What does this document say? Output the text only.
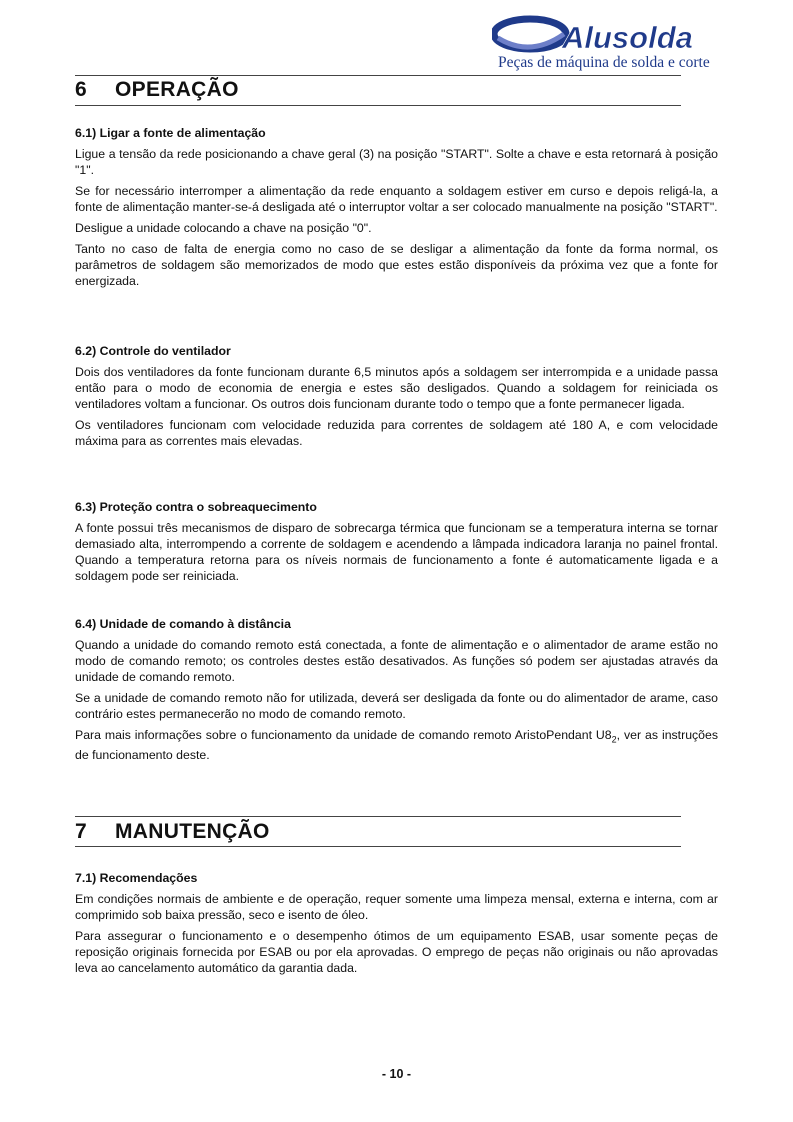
Alusolda
Peças de máquina de solda e corte
6 OPERAÇÃO
6.1) Ligar a fonte de alimentação

Ligue a tensão da rede posicionando a chave geral (3) na posição "START". Solte a chave e esta retornará à posição "1".

Se for necessário interromper a alimentação da rede enquanto a soldagem estiver em curso e depois religá-la, a fonte de alimentação manter-se-á desligada até o interruptor voltar a ser colocado manualmente na posição "START".

Desligue a unidade colocando a chave na posição "0".

Tanto no caso de falta de energia como no caso de se desligar a alimentação da fonte da forma normal, os parâmetros de soldagem são memorizados de modo que estes estão disponíveis da próxima vez que a fonte for energizada.

6.2) Controle do ventilador

Dois dos ventiladores da fonte funcionam durante 6,5 minutos após a soldagem ser interrompida e a unidade passa então para o modo de economia de energia e estes são desligados. Quando a soldagem for reiniciada os ventiladores voltam a funcionar. Os outros dois funcionam durante todo o tempo que a fonte permanecer ligada.

Os ventiladores funcionam com velocidade reduzida para correntes de soldagem até 180 A, e com velocidade máxima para as correntes mais elevadas.

6.3) Proteção contra o sobreaquecimento

A fonte possui três mecanismos de disparo de sobrecarga térmica que funcionam se a temperatura interna se tornar demasiado alta, interrompendo a corrente de soldagem e acendendo a lâmpada indicadora laranja no painel frontal. Quando a temperatura retorna para os níveis normais de funcionamento a fonte é automaticamente ligada e a soldagem pode ser reiniciada.

6.4) Unidade de comando à distância

Quando a unidade do comando remoto está conectada, a fonte de alimentação e o alimentador de arame estão no modo de comando remoto; os controles destes estão desativados. As funções só podem ser ajustadas através da unidade de comando remoto.

Se a unidade de comando remoto não for utilizada, deverá ser desligada da fonte ou do alimentador de arame, caso contrário estes permanecerão no modo de comando remoto.

Para mais informações sobre o funcionamento da unidade de comando remoto AristoPendant $U8_2$, ver as instruções de funcionamento deste.

7 MANUTENÇÃO
7.1) Recomendações

Em condições normais de ambiente e de operação, requer somente uma limpeza mensal, externa e interna, com ar comprimido sob baixa pressão, seco e isento de óleo.

Para assegurar o funcionamento e o desempenho ótimos de um equipamento ESAB, usar somente peças de reposição originais fornecida por ESAB ou por ela aprovadas. O emprego de peças não originais ou não aprovadas leva ao cancelamento automático da garantia dada.

- 10 -
